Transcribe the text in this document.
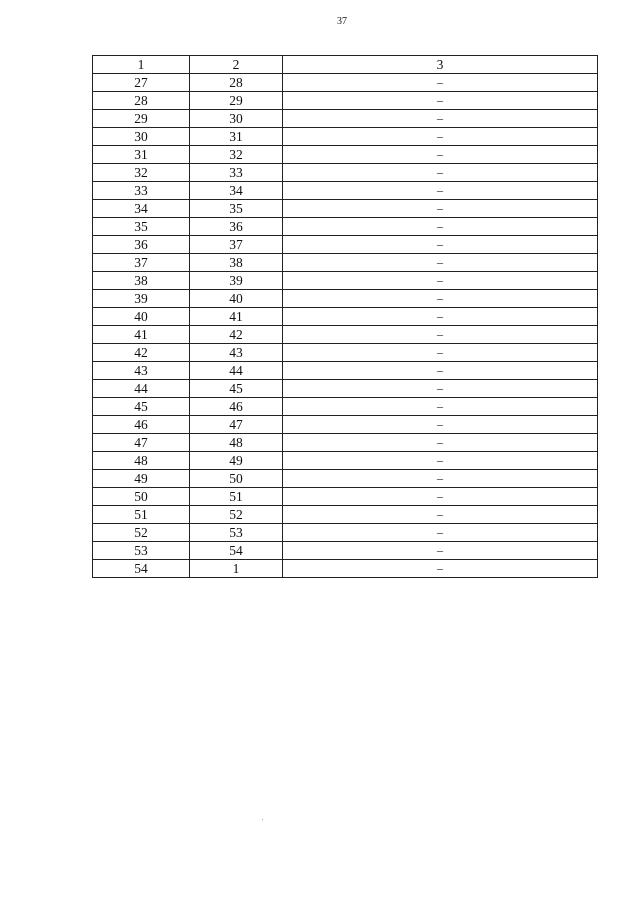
37
1	2	3
27	28	–
28	29	–
29	30	–
30	31	–
31	32	–
32	33	–
33	34	–
34	35	–
35	36	–
36	37	–
37	38	–
38	39	–
39	40	–
40	41	–
41	42	–
42	43	–
43	44	–
44	45	–
45	46	–
46	47	–
47	48	–
48	49	–
49	50	–
50	51	–
51	52	–
52	53	–
53	54	–
54	1	–
